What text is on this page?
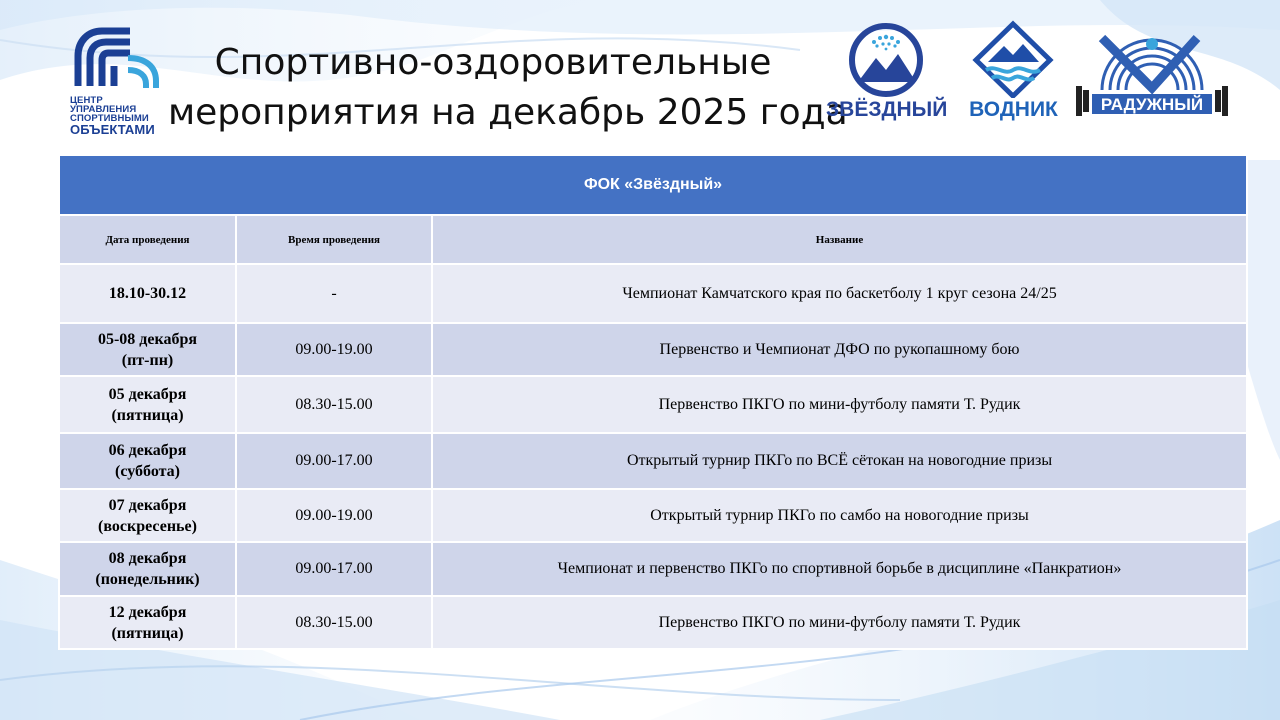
Спортивно-оздоровительные
мероприятия на декабрь 2025 года
ЦЕНТР УПРАВЛЕНИЯ
СПОРТИВНЫМИ
ОБЪЕКТАМИ
ЗВЁЗДНЫЙ ВОДНИК	РАДУЖНЫЙ
ФОК «Звёздный»		
Дата проведения	Время проведения	Название

18.10-30.12	-	Чемпионат Камчатского края по баскетболу 1 круг сезона 24/25

05-08 декабря
(пт-пн)	09.00-19.00	Первенство и Чемпионат ДФО по рукопашному бою

05 декабря
(пятница)	08.30-15.00	Первенство ПКГО по мини-футболу памяти Т. Рудик

06 декабря
(суббота)	09.00-17.00	Открытый турнир ПКГо по ВСЁ сётокан на новогодние призы

07 декабря
(воскресенье)	09.00-19.00	Открытый турнир ПКГо по самбо на новогодние призы

08 декабря
(понедельник)	09.00-17.00	Чемпионат и первенство ПКГо по спортивной борьбе в дисциплине «Панкратион»

12 декабря
(пятница)	08.30-15.00	Первенство ПКГО по мини-футболу памяти Т. Рудик
